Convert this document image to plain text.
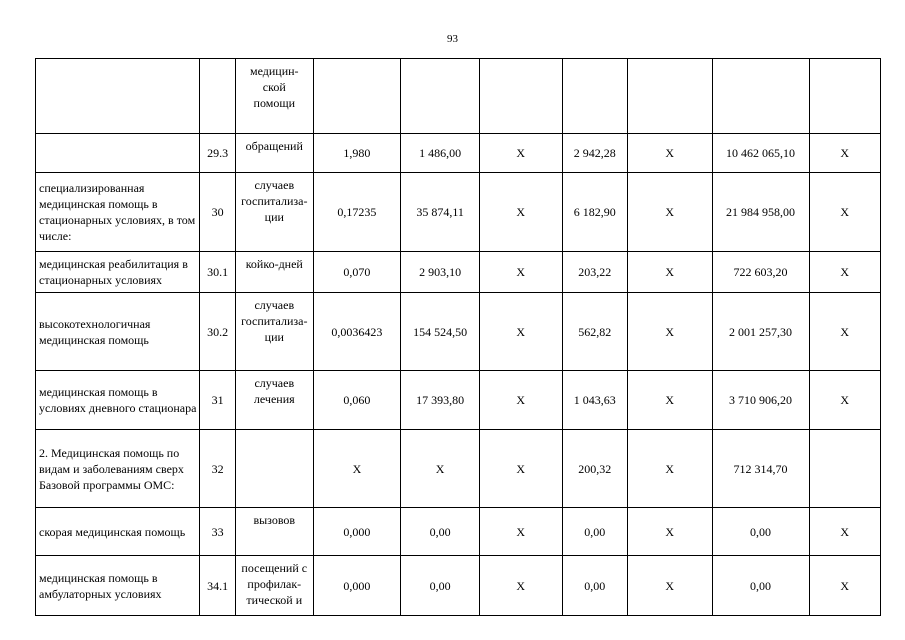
93
		медицин-
ской
помощи							
	29.3	обращений	1,980	1 486,00	X	2 942,28	X	10 462 065,10	X
специализированная медицинская помощь в стационарных условиях, в том числе:	30	случаев госпитализа-ции	0,17235	35 874,11	X	6 182,90	X	21 984 958,00	X
медицинская реабилитация в стационарных условиях	30.1	койко-дней	0,070	2 903,10	X	203,22	X	722 603,20	X
высокотехнологичная медицинская помощь	30.2	случаев госпитализа-ции	0,0036423	154 524,50	X	562,82	X	2 001 257,30	X
медицинская помощь в условиях дневного стационара	31	случаев лечения	0,060	17 393,80	X	1 043,63	X	3 710 906,20	X
2. Медицинская помощь по видам и заболеваниям сверх Базовой программы ОМС:	32		X	X	X	200,32	X	712 314,70	
скорая медицинская помощь	33	вызовов	0,000	0,00	X	0,00	X	0,00	X
медицинская помощь в амбулаторных условиях	34.1	посещений с профилак-тической и	0,000	0,00	X	0,00	X	0,00	X
